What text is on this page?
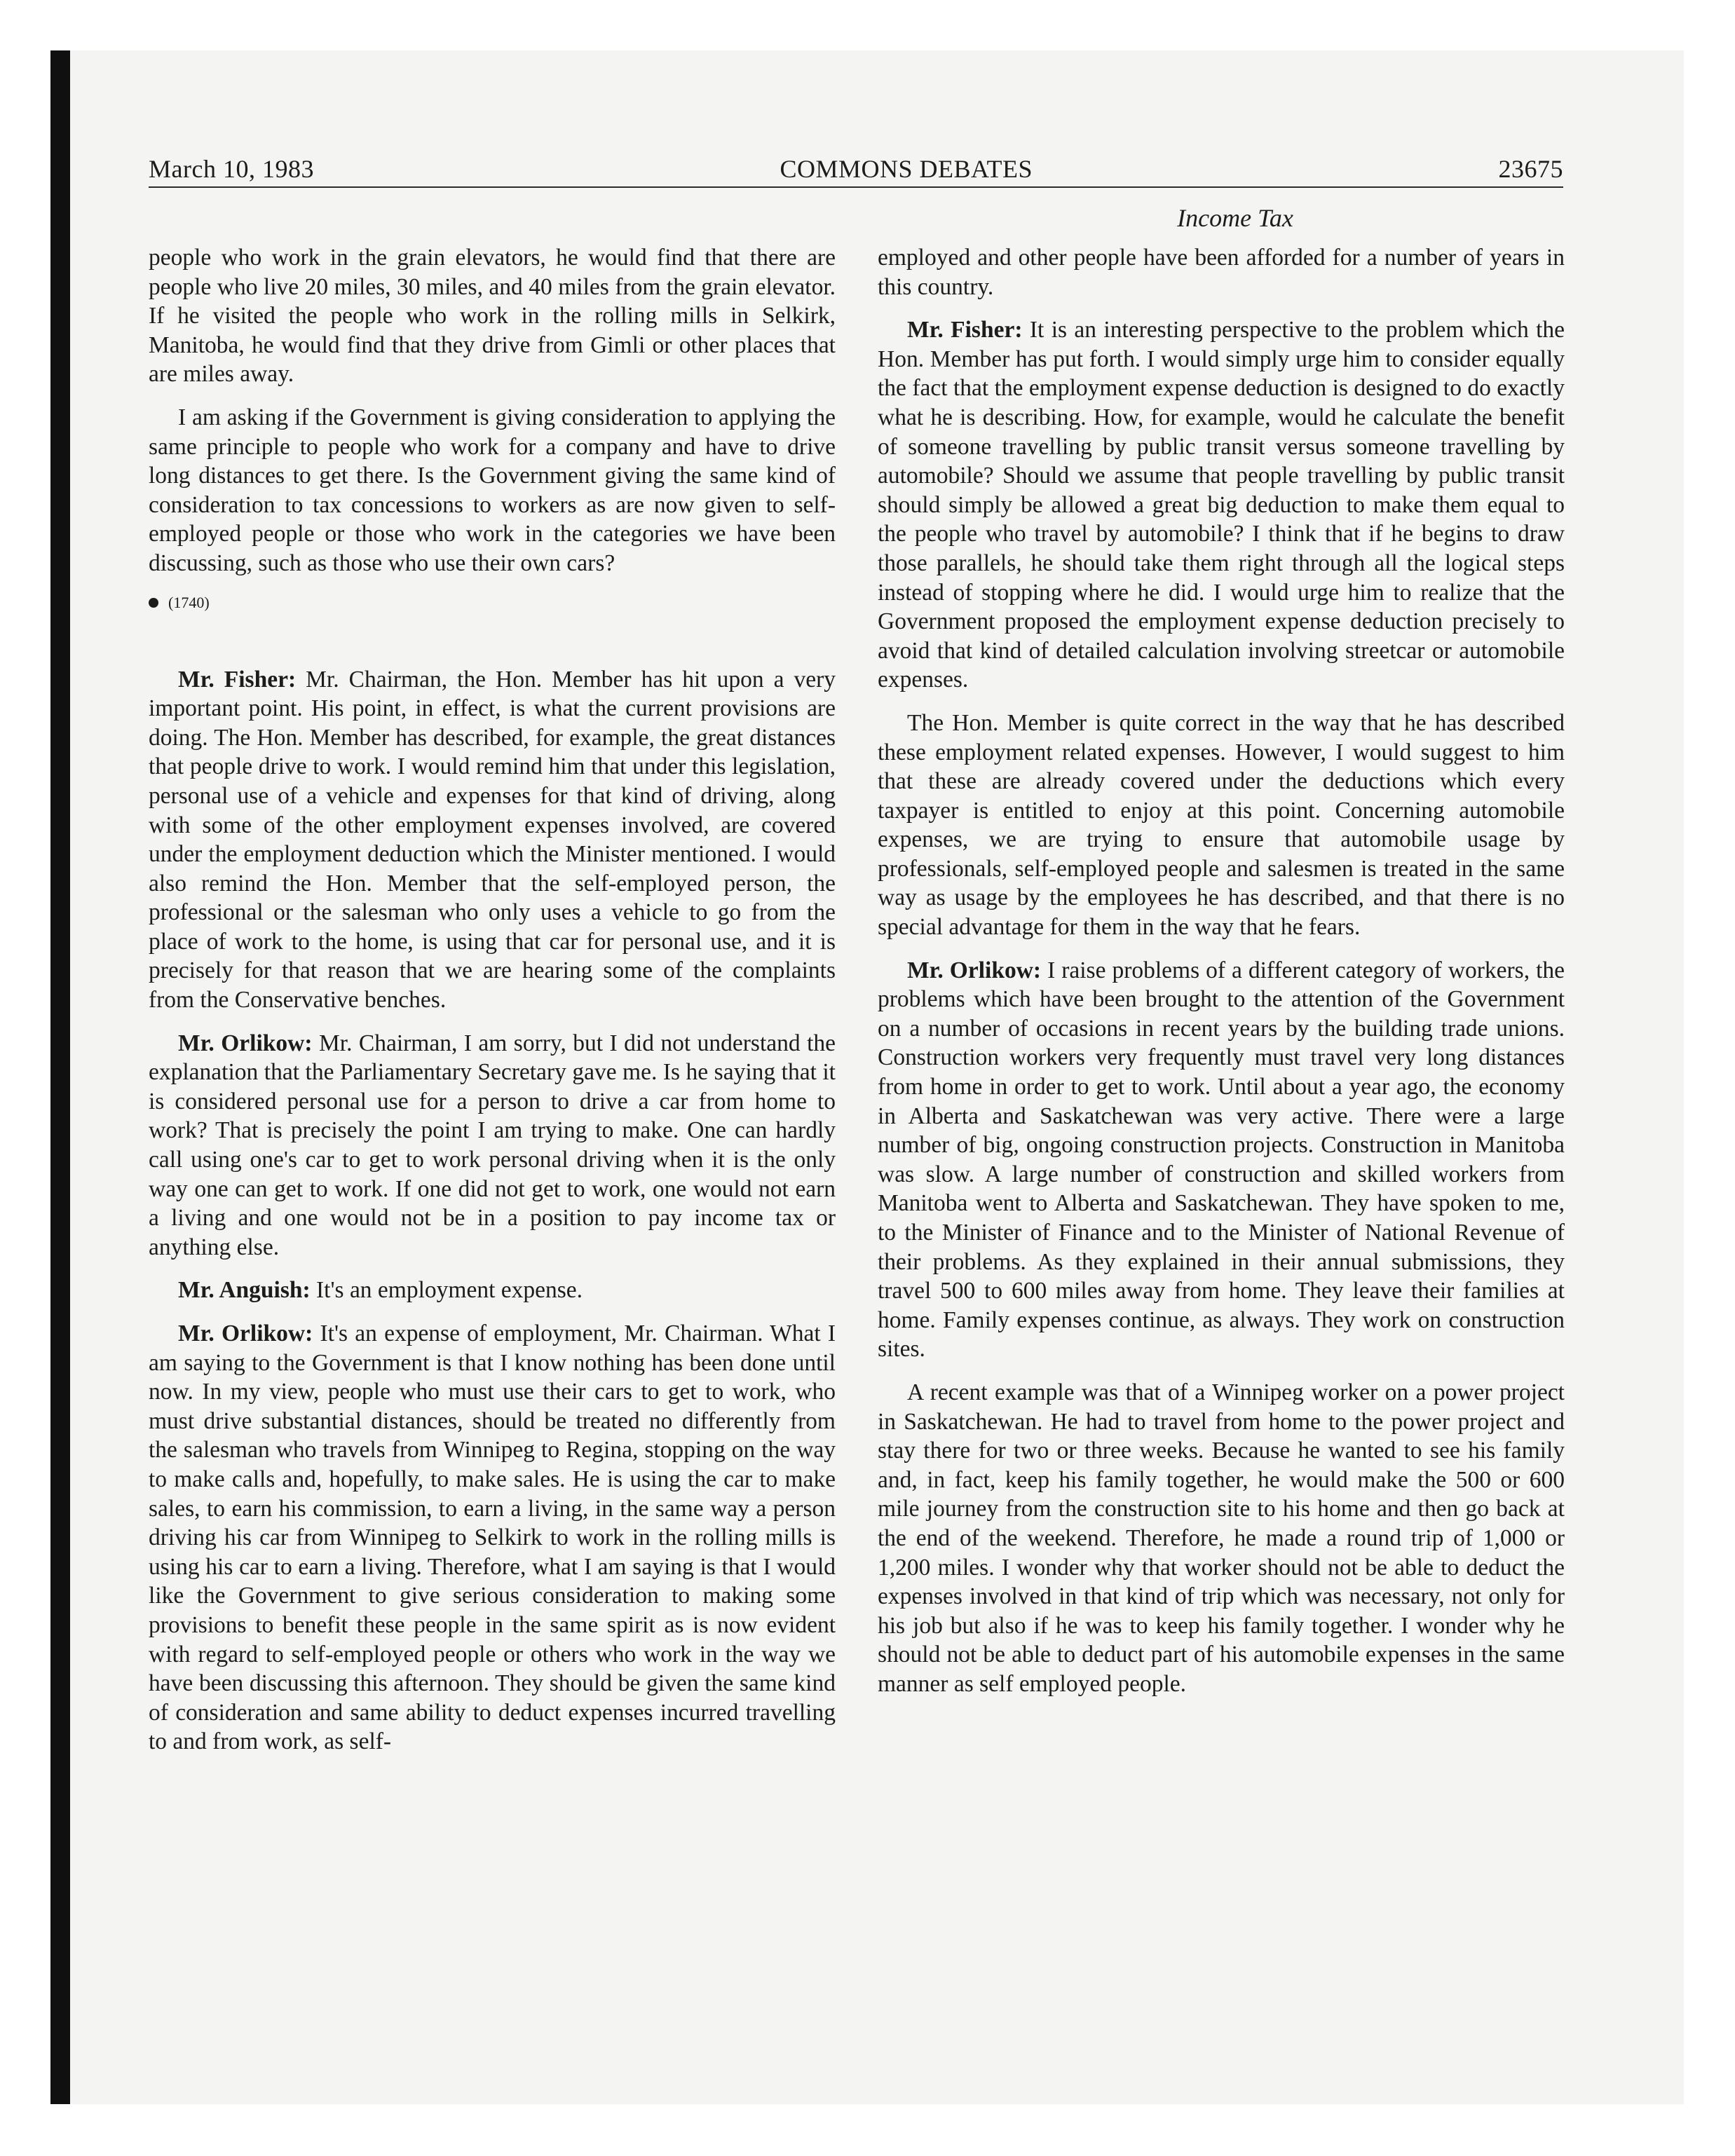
March 10, 1983	COMMONS DEBATES	23675
Income Tax

people who work in the grain elevators, he would find that there are people who live 20 miles, 30 miles, and 40 miles from the grain elevator. If he visited the people who work in the rolling mills in Selkirk, Manitoba, he would find that they drive from Gimli or other places that are miles away.

I am asking if the Government is giving consideration to applying the same principle to people who work for a company and have to drive long distances to get there. Is the Government giving the same kind of consideration to tax concessions to workers as are now given to self-employed people or those who work in the categories we have been discussing, such as those who use their own cars?

(1740)

Mr. Fisher: Mr. Chairman, the Hon. Member has hit upon a very important point. His point, in effect, is what the current provisions are doing. The Hon. Member has described, for example, the great distances that people drive to work. I would remind him that under this legislation, personal use of a vehicle and expenses for that kind of driving, along with some of the other employment expenses involved, are covered under the employment deduction which the Minister mentioned. I would also remind the Hon. Member that the self-employed person, the professional or the salesman who only uses a vehicle to go from the place of work to the home, is using that car for personal use, and it is precisely for that reason that we are hearing some of the complaints from the Conservative benches.

Mr. Orlikow: Mr. Chairman, I am sorry, but I did not understand the explanation that the Parliamentary Secretary gave me. Is he saying that it is considered personal use for a person to drive a car from home to work? That is precisely the point I am trying to make. One can hardly call using one's car to get to work personal driving when it is the only way one can get to work. If one did not get to work, one would not earn a living and one would not be in a position to pay income tax or anything else.

Mr. Anguish: It's an employment expense.

Mr. Orlikow: It's an expense of employment, Mr. Chairman. What I am saying to the Government is that I know nothing has been done until now. In my view, people who must use their cars to get to work, who must drive substantial distances, should be treated no differently from the salesman who travels from Winnipeg to Regina, stopping on the way to make calls and, hopefully, to make sales. He is using the car to make sales, to earn his commission, to earn a living, in the same way a person driving his car from Winnipeg to Selkirk to work in the rolling mills is using his car to earn a living. Therefore, what I am saying is that I would like the Government to give serious consideration to making some provisions to benefit these people in the same spirit as is now evident with regard to self-employed people or others who work in the way we have been discussing this afternoon. They should be given the same kind of consideration and same ability to deduct expenses incurred travelling to and from work, as self-

employed and other people have been afforded for a number of years in this country.

Mr. Fisher: It is an interesting perspective to the problem which the Hon. Member has put forth. I would simply urge him to consider equally the fact that the employment expense deduction is designed to do exactly what he is describing. How, for example, would he calculate the benefit of someone travelling by public transit versus someone travelling by automobile? Should we assume that people travelling by public transit should simply be allowed a great big deduction to make them equal to the people who travel by automobile? I think that if he begins to draw those parallels, he should take them right through all the logical steps instead of stopping where he did. I would urge him to realize that the Government proposed the employment expense deduction precisely to avoid that kind of detailed calculation involving streetcar or automobile expenses.

The Hon. Member is quite correct in the way that he has described these employment related expenses. However, I would suggest to him that these are already covered under the deductions which every taxpayer is entitled to enjoy at this point. Concerning automobile expenses, we are trying to ensure that automobile usage by professionals, self-employed people and salesmen is treated in the same way as usage by the employees he has described, and that there is no special advantage for them in the way that he fears.

Mr. Orlikow: I raise problems of a different category of workers, the problems which have been brought to the attention of the Government on a number of occasions in recent years by the building trade unions. Construction workers very frequently must travel very long distances from home in order to get to work. Until about a year ago, the economy in Alberta and Saskatchewan was very active. There were a large number of big, ongoing construction projects. Construction in Manitoba was slow. A large number of construction and skilled workers from Manitoba went to Alberta and Saskatchewan. They have spoken to me, to the Minister of Finance and to the Minister of National Revenue of their problems. As they explained in their annual submissions, they travel 500 to 600 miles away from home. They leave their families at home. Family expenses continue, as always. They work on construction sites.

A recent example was that of a Winnipeg worker on a power project in Saskatchewan. He had to travel from home to the power project and stay there for two or three weeks. Because he wanted to see his family and, in fact, keep his family together, he would make the 500 or 600 mile journey from the construction site to his home and then go back at the end of the weekend. Therefore, he made a round trip of 1,000 or 1,200 miles. I wonder why that worker should not be able to deduct the expenses involved in that kind of trip which was necessary, not only for his job but also if he was to keep his family together. I wonder why he should not be able to deduct part of his automobile expenses in the same manner as self employed people.
